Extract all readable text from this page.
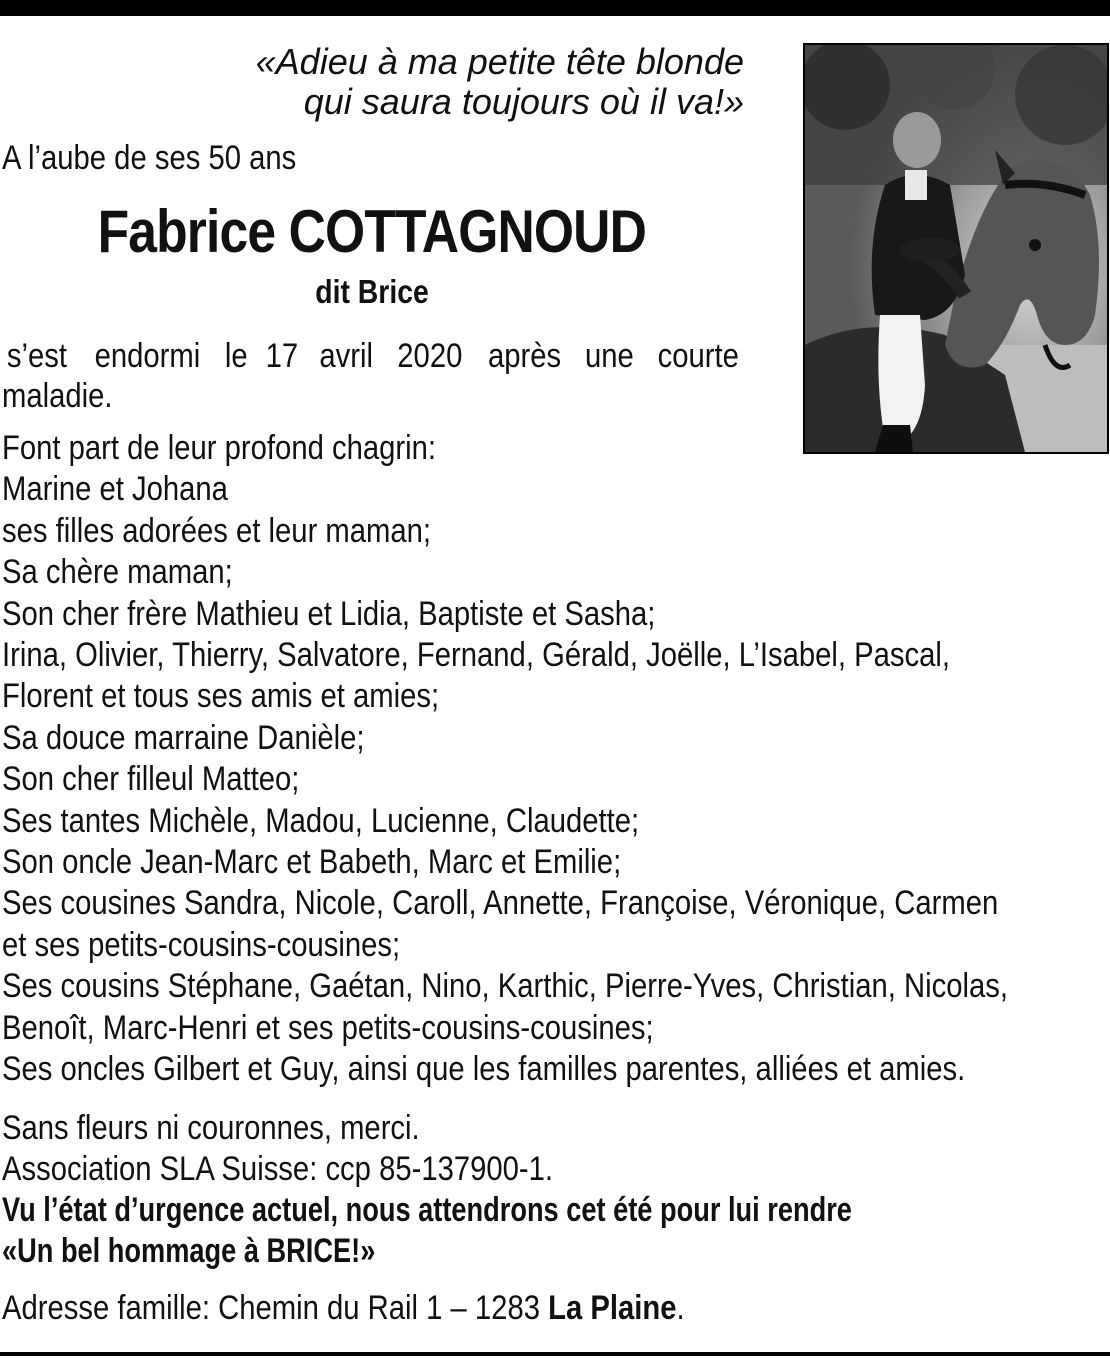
«Adieu à ma petite tête blonde
qui saura toujours où il va!»
A l’aube de ses 50 ans
Fabrice COTTAGNOUD
dit Brice
s’est endormi le 17 avril 2020 après une courte
maladie.
Font part de leur profond chagrin:
Marine et Johana
ses filles adorées et leur maman;
Sa chère maman;
Son cher frère Mathieu et Lidia, Baptiste et Sasha;
Irina, Olivier, Thierry, Salvatore, Fernand, Gérald, Joëlle, L’Isabel, Pascal,
Florent et tous ses amis et amies;
Sa douce marraine Danièle;
Son cher filleul Matteo;
Ses tantes Michèle, Madou, Lucienne, Claudette;
Son oncle Jean-Marc et Babeth, Marc et Emilie;
Ses cousines Sandra, Nicole, Caroll, Annette, Françoise, Véronique, Carmen
et ses petits-cousins-cousines;
Ses cousins Stéphane, Gaétan, Nino, Karthic, Pierre-Yves, Christian, Nicolas,
Benoît, Marc-Henri et ses petits-cousins-cousines;
Ses oncles Gilbert et Guy, ainsi que les familles parentes, alliées et amies.
Sans fleurs ni couronnes, merci.
Association SLA Suisse: ccp 85-137900-1.
Vu l’état d’urgence actuel, nous attendrons cet été pour lui rendre
«Un bel hommage à BRICE!»
Adresse famille: Chemin du Rail 1 – 1283 La Plaine.
